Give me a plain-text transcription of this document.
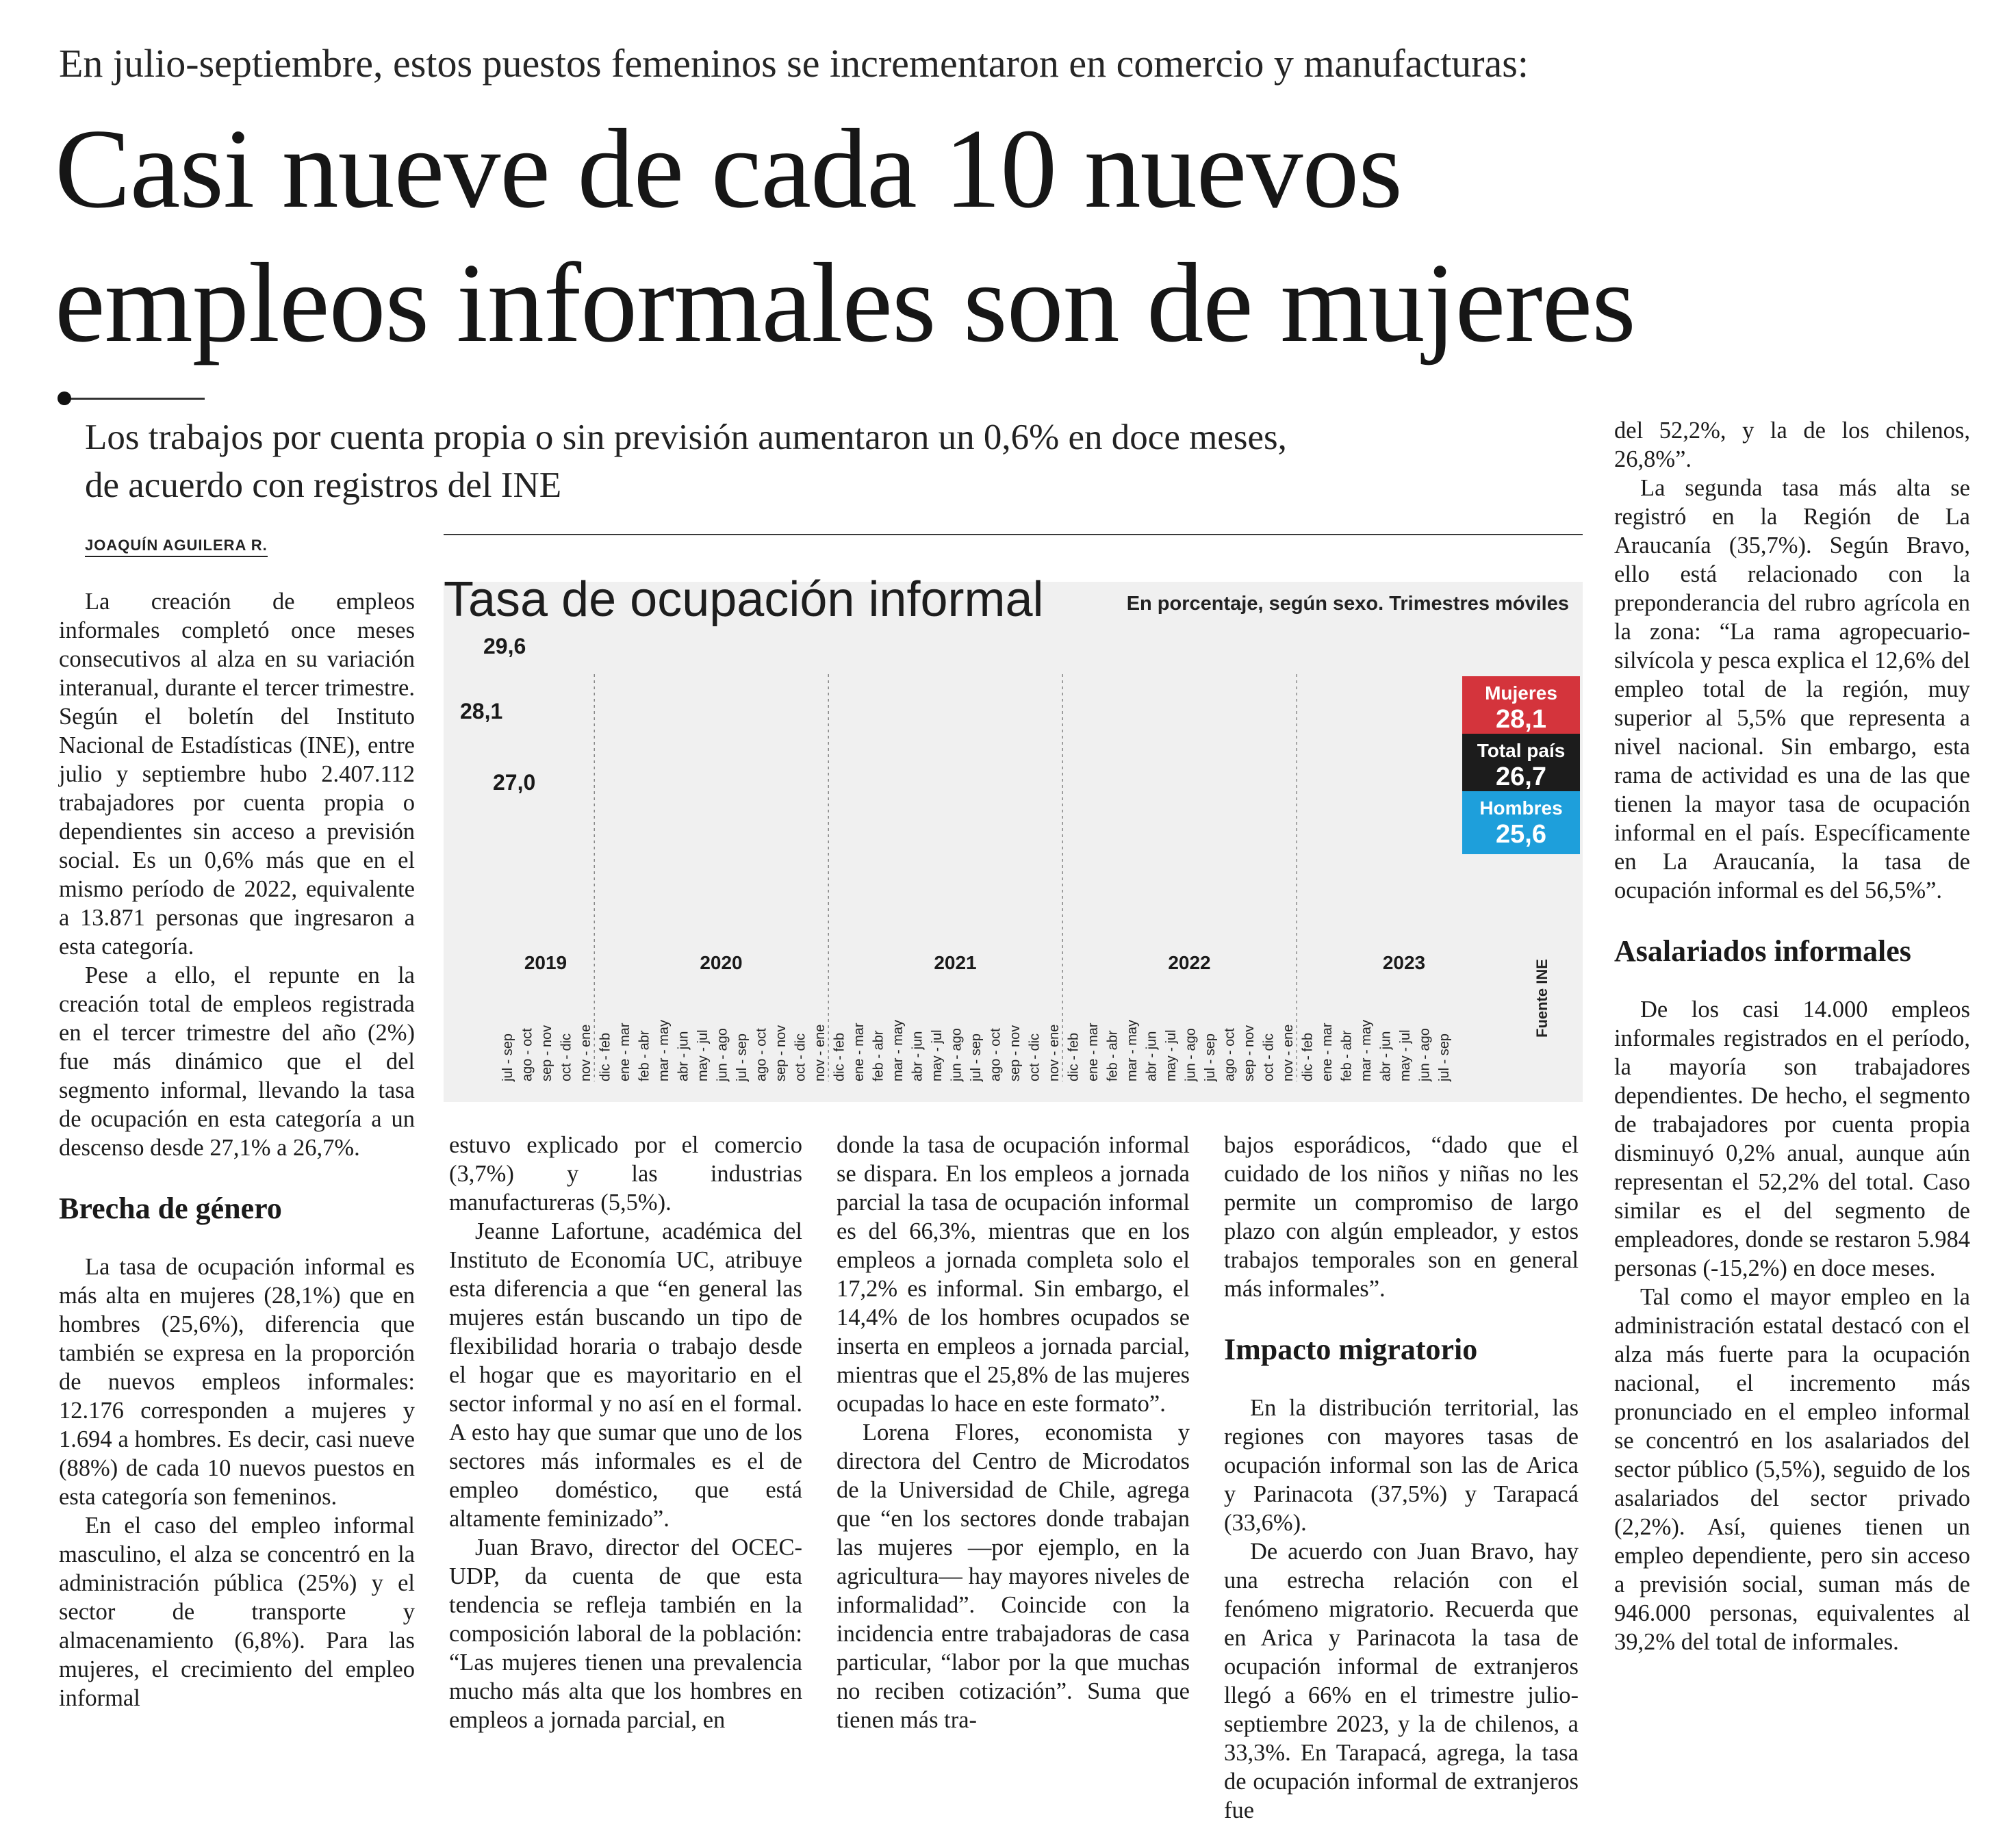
En julio-septiembre, estos puestos femeninos se incrementaron en comercio y manufacturas:
Casi nueve de cada 10 nuevos
empleos informales son de mujeres
Los trabajos por cuenta propia o sin previsión aumentaron un 0,6% en doce meses,
de acuerdo con registros del INE
JOAQUÍN AGUILERA R.
Tasa de ocupación informal	En porcentaje, según sexo. Trimestres móviles
2019	2020	2021	2022	2023
jul - sep ago - oct sep - nov oct - dic nov - ene dic - feb ene - mar feb - abr mar - may abr - jun may - jul jun - ago jul - sep ago - oct sep - nov oct - dic nov - ene dic - feb ene - mar feb - abr mar - may abr - jun may - jul jun - ago jul - sep ago - oct sep - nov oct - dic nov - ene dic - feb ene - mar feb - abr mar - may abr - jun may - jul jun - ago jul - sep ago - oct sep - nov oct - dic nov - ene dic - feb ene - mar feb - abr mar - may abr - jun may - jul jun - ago jul - sep
29,6
28,1
27,0
Mujeres
28,1
Total país
26,7
Hombres
25,6
Fuente INE

La creación de empleos informales completó once meses consecutivos al alza en su variación interanual, durante el tercer trimestre. Según el boletín del Instituto Nacional de Estadísticas (INE), entre julio y septiembre hubo 2.407.112 trabajadores por cuenta propia o dependientes sin acceso a previsión social. Es un 0,6% más que en el mismo período de 2022, equivalente a 13.871 personas que ingresaron a esta categoría.

Pese a ello, el repunte en la creación total de empleos registrada en el tercer trimestre del año (2%) fue más dinámico que el del segmento informal, llevando la tasa de ocupación en esta categoría a un descenso desde 27,1% a 26,7%.

Brecha de género

La tasa de ocupación informal es más alta en mujeres (28,1%) que en hombres (25,6%), diferencia que también se expresa en la proporción de nuevos empleos informales: 12.176 corresponden a mujeres y 1.694 a hombres. Es decir, casi nueve (88%) de cada 10 nuevos puestos en esta categoría son femeninos.

En el caso del empleo informal masculino, el alza se concentró en la administración pública (25%) y el sector de transporte y almacenamiento (6,8%). Para las mujeres, el crecimiento del empleo informal

estuvo explicado por el comercio (3,7%) y las industrias manufactureras (5,5%).

Jeanne Lafortune, académica del Instituto de Economía UC, atribuye esta diferencia a que “en general las mujeres están buscando un tipo de flexibilidad horaria o trabajo desde el hogar que es mayoritario en el sector informal y no así en el formal. A esto hay que sumar que uno de los sectores más informales es el de empleo doméstico, que está altamente feminizado”.

Juan Bravo, director del OCEC-UDP, da cuenta de que esta tendencia se refleja también en la composición laboral de la población: “Las mujeres tienen una prevalencia mucho más alta que los hombres en empleos a jornada parcial, en

donde la tasa de ocupación informal se dispara. En los empleos a jornada parcial la tasa de ocupación informal es del 66,3%, mientras que en los empleos a jornada completa solo el 17,2% es informal. Sin embargo, el 14,4% de los hombres ocupados se inserta en empleos a jornada parcial, mientras que el 25,8% de las mujeres ocupadas lo hace en este formato”.

Lorena Flores, economista y directora del Centro de Microdatos de la Universidad de Chile, agrega que “en los sectores donde trabajan las mujeres —por ejemplo, en la agricultura— hay mayores niveles de informalidad”. Coincide con la incidencia entre trabajadoras de casa particular, “labor por la que muchas no reciben cotización”. Suma que tienen más tra-

bajos esporádicos, “dado que el cuidado de los niños y niñas no les permite un compromiso de largo plazo con algún empleador, y estos trabajos temporales son en general más informales”.

Impacto migratorio

En la distribución territorial, las regiones con mayores tasas de ocupación informal son las de Arica y Parinacota (37,5%) y Tarapacá (33,6%).

De acuerdo con Juan Bravo, hay una estrecha relación con el fenómeno migratorio. Recuerda que en Arica y Parinacota la tasa de ocupación informal de extranjeros llegó a 66% en el trimestre julio-septiembre 2023, y la de chilenos, a 33,3%. En Tarapacá, agrega, la tasa de ocupación informal de extranjeros fue

del 52,2%, y la de los chilenos, 26,8%”.

La segunda tasa más alta se registró en la Región de La Araucanía (35,7%). Según Bravo, ello está relacionado con la preponderancia del rubro agrícola en la zona: “La rama agropecuario-silvícola y pesca explica el 12,6% del empleo total de la región, muy superior al 5,5% que representa a nivel nacional. Sin embargo, esta rama de actividad es una de las que tienen la mayor tasa de ocupación informal en el país. Específicamente en La Araucanía, la tasa de ocupación informal es del 56,5%”.

Asalariados informales

De los casi 14.000 empleos informales registrados en el período, la mayoría son trabajadores dependientes. De hecho, el segmento de trabajadores por cuenta propia disminuyó 0,2% anual, aunque aún representan el 52,2% del total. Caso similar es el del segmento de empleadores, donde se restaron 5.984 personas (-15,2%) en doce meses.

Tal como el mayor empleo en la administración estatal destacó con el alza más fuerte para la ocupación nacional, el incremento más pronunciado en el empleo informal se concentró en los asalariados del sector público (5,5%), seguido de los asalariados del sector privado (2,2%). Así, quienes tienen un empleo dependiente, pero sin acceso a previsión social, suman más de 946.000 personas, equivalentes al 39,2% del total de informales.
